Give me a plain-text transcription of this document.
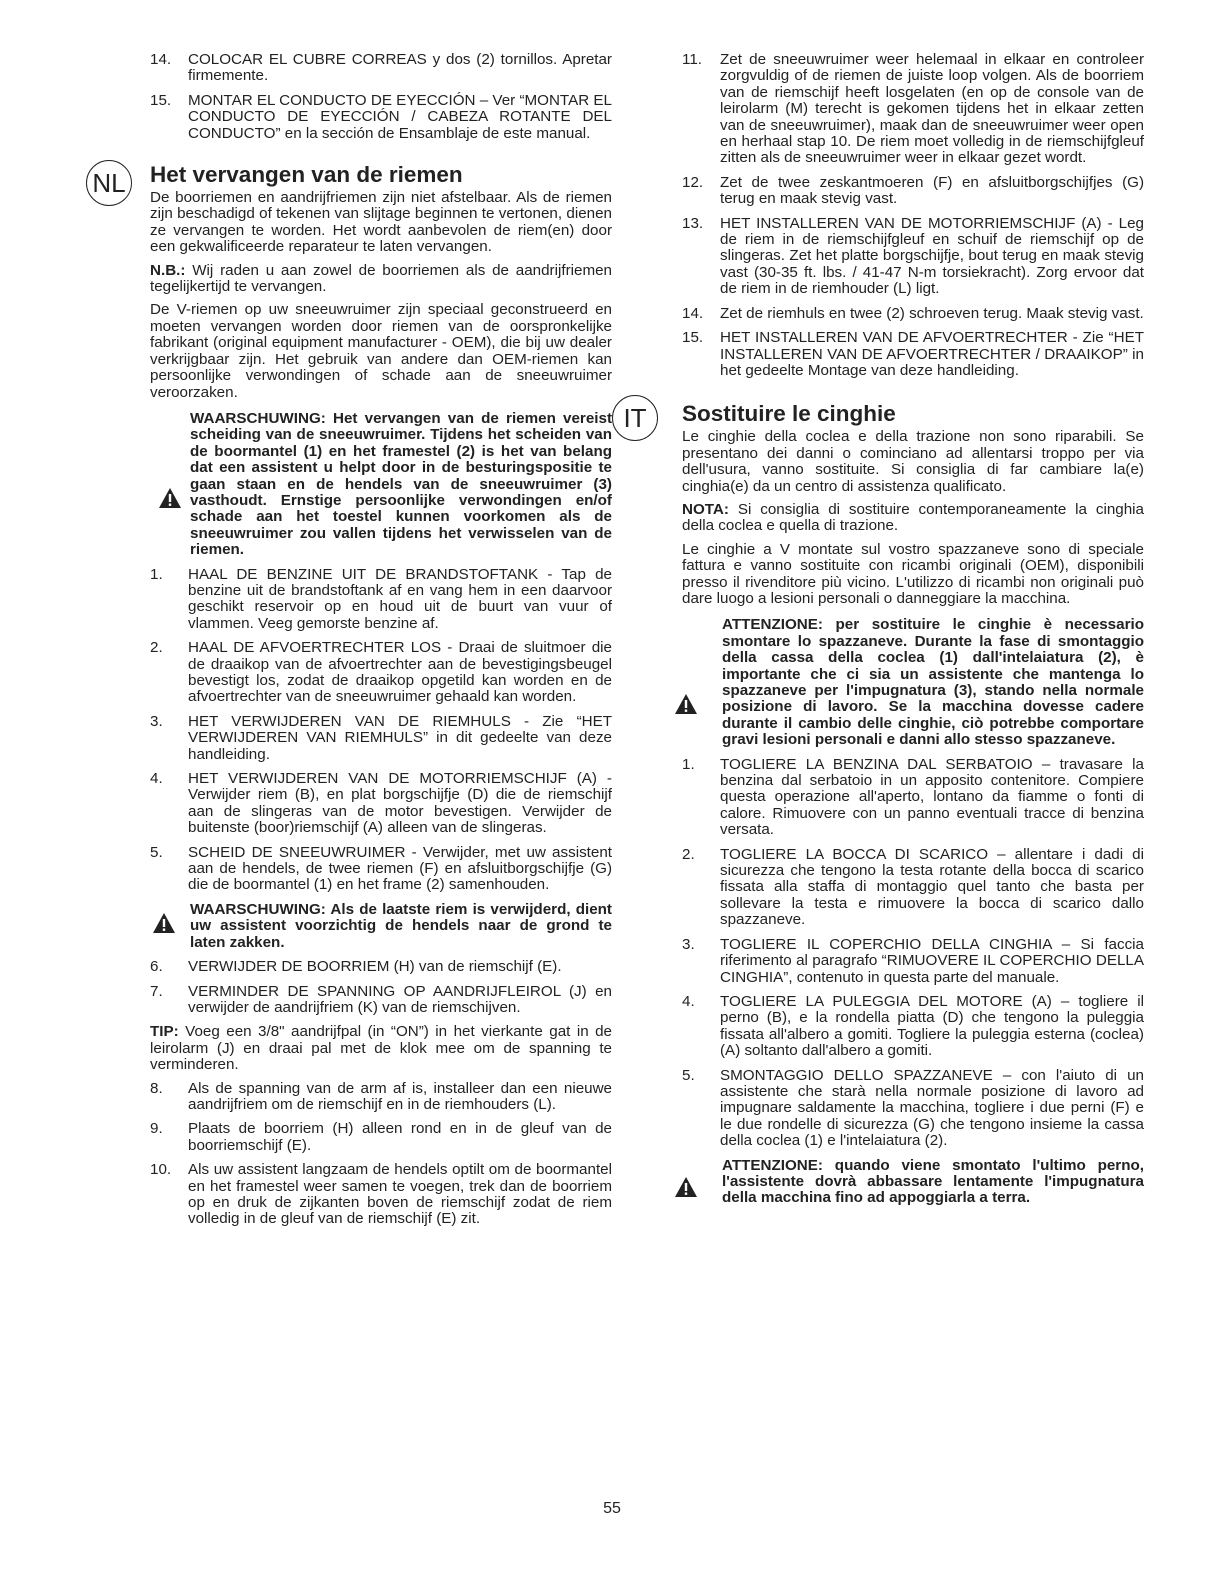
14.	COLOCAR EL CUBRE CORREAS y dos (2) tornillos. Apretar firmemente.
15.	MONTAR EL CONDUCTO DE EYECCIÓN – Ver “MONTAR EL CONDUCTO DE EYECCIÓN / CABEZA ROTANTE DEL CONDUCTO” en la sección de Ensamblaje de este manual.
NL Het vervangen van de riemen

De boorriemen en aandrijfriemen zijn niet afstelbaar. Als de riemen zijn beschadigd of tekenen van slijtage beginnen te vertonen, dienen ze vervangen te worden. Het wordt aanbevolen de riem(en) door een gekwalificeerde reparateur te laten vervangen.

N.B.: Wij raden u aan zowel de boorriemen als de aandrijfriemen tegelijkertijd te vervangen.

De V-riemen op uw sneeuwruimer zijn speciaal geconstrueerd en moeten vervangen worden door riemen van de oorspronkelijke fabrikant (original equipment manufacturer - OEM), die bij uw dealer verkrijgbaar zijn. Het gebruik van andere dan OEM-riemen kan persoonlijke verwondingen of schade aan de sneeuwruimer veroorzaken.

WAARSCHUWING: Het vervangen van de riemen vereist scheiding van de sneeuwruimer. Tijdens het scheiden van de boormantel (1) en het framestel (2) is het van belang dat een assistent u helpt door in de besturingspositie te gaan staan en de hendels van de sneeuwruimer (3) vasthoudt. Ernstige persoonlijke verwondingen en/of schade aan het toestel kunnen voorkomen als de sneeuwruimer zou vallen tijdens het verwisselen van de riemen.
1.	HAAL DE BENZINE UIT DE BRANDSTOFTANK - Tap de benzine uit de brandstoftank af en vang hem in een daarvoor geschikt reservoir op en houd uit de buurt van vuur of vlammen. Veeg gemorste benzine af.
2.	HAAL DE AFVOERTRECHTER LOS - Draai de sluitmoer die de draaikop van de afvoertrechter aan de bevestigingsbeugel bevestigt los, zodat de draaikop opgetild kan worden en de afvoertrechter van de sneeuwruimer gehaald kan worden.
3.	HET VERWIJDEREN VAN DE RIEMHULS - Zie “HET VERWIJDEREN VAN RIEMHULS” in dit gedeelte van deze handleiding.
4.	HET VERWIJDEREN VAN DE MOTORRIEMSCHIJF (A) - Verwijder riem (B), en plat borgschijfje (D) die de riemschijf aan de slingeras van de motor bevestigen. Verwijder de buitenste (boor)riemschijf (A) alleen van de slingeras.
5.	SCHEID DE SNEEUWRUIMER - Verwijder, met uw assistent aan de hendels, de twee riemen (F) en afsluitborgschijfje (G) die de boormantel (1) en het frame (2) samenhouden.
WAARSCHUWING: Als de laatste riem is verwijderd, dient uw assistent voorzichtig de hendels naar de grond te laten zakken.
6.	VERWIJDER DE BOORRIEM (H) van de riemschijf (E).
7.	VERMINDER DE SPANNING OP AANDRIJFLEIROL (J) en verwijder de aandrijfriem (K) van de riemschijven.

TIP: Voeg een 3/8" aandrijfpal (in “ON”) in het vierkante gat in de leirolarm (J) en draai pal met de klok mee om de spanning te verminderen.

8.	Als de spanning van de arm af is, installeer dan een nieuwe aandrijfriem om de riemschijf en in de riemhouders (L).
9.	Plaats de boorriem (H) alleen rond en in de gleuf van de boorriemschijf (E).
10.	Als uw assistent langzaam de hendels optilt om de boormantel en het framestel weer samen te voegen, trek dan de boorriem op en druk de zijkanten boven de riemschijf zodat de riem volledig in de gleuf van de riemschijf (E) zit.
11.	Zet de sneeuwruimer weer helemaal in elkaar en controleer zorgvuldig of de riemen de juiste loop volgen. Als de boorriem van de riemschijf heeft losgelaten (en op de console van de leirolarm (M) terecht is gekomen tijdens het in elkaar zetten van de sneeuwruimer), maak dan de sneeuwruimer weer open en herhaal stap 10. De riem moet volledig in de riemschijfgleuf zitten als de sneeuwruimer weer in elkaar gezet wordt.
12.	Zet de twee zeskantmoeren (F) en afsluitborgschijfjes (G) terug en maak stevig vast.
13.	HET INSTALLEREN VAN DE MOTORRIEMSCHIJF (A) - Leg de riem in de riemschijfgleuf en schuif de riemschijf op de slingeras. Zet het platte borgschijfje, bout terug en maak stevig vast (30-35 ft. lbs. / 41-47 N-m torsiekracht). Zorg ervoor dat de riem in de riemhouder (L) ligt.
14.	Zet de riemhuls en twee (2) schroeven terug. Maak stevig vast.
15.	HET INSTALLEREN VAN DE AFVOERTRECHTER - Zie “HET INSTALLEREN VAN DE AFVOERTRECHTER / DRAAIKOP” in het gedeelte Montage van deze handleiding.
IT	Sostituire le cinghie

Le cinghie della coclea e della trazione non sono riparabili. Se presentano dei danni o cominciano ad allentarsi troppo per via dell'usura, vanno sostituite. Si consiglia di far cambiare la(e) cinghia(e) da un centro di assistenza qualificato.

NOTA: Si consiglia di sostituire contemporaneamente la cinghia della coclea e quella di trazione.

Le cinghie a V montate sul vostro spazzaneve sono di speciale fattura e vanno sostituite con ricambi originali (OEM), disponibili presso il rivenditore più vicino. L'utilizzo di ricambi non originali può dare luogo a lesioni personali o danneggiare la macchina.

ATTENZIONE: per sostituire le cinghie è necessario smontare lo spazzaneve. Durante la fase di smontaggio della cassa della coclea (1) dall'intelaiatura (2), è importante che ci sia un assistente che mantenga lo spazzaneve per l'impugnatura (3), stando nella normale posizione di lavoro. Se la macchina dovesse cadere durante il cambio delle cinghie, ciò potrebbe comportare gravi lesioni personali e danni allo stesso spazzaneve.
1.	TOGLIERE LA BENZINA DAL SERBATOIO – travasare la benzina dal serbatoio in un apposito contenitore. Compiere questa operazione all'aperto, lontano da fiamme o fonti di calore. Rimuovere con un panno eventuali tracce di benzina versata.
2.	TOGLIERE LA BOCCA DI SCARICO – allentare i dadi di sicurezza che tengono la testa rotante della bocca di scarico fissata alla staffa di montaggio quel tanto che basta per sollevare la testa e rimuovere la bocca di scarico dallo spazzaneve.
3.	TOGLIERE IL COPERCHIO DELLA CINGHIA – Si faccia riferimento al paragrafo “RIMUOVERE IL COPERCHIO DELLA CINGHIA”, contenuto in questa parte del manuale.
4.	TOGLIERE LA PULEGGIA DEL MOTORE (A) – togliere il perno (B), e la rondella piatta (D) che tengono la puleggia fissata all'albero a gomiti. Togliere la puleggia esterna (coclea) (A) soltanto dall'albero a gomiti.
5.	SMONTAGGIO DELLO SPAZZANEVE – con l'aiuto di un assistente che starà nella normale posizione di lavoro ad impugnare saldamente la macchina, togliere i due perni (F) e le due rondelle di sicurezza (G) che tengono insieme la cassa della coclea (1) e l'intelaiatura (2).
ATTENZIONE: quando viene smontato l'ultimo perno, l'assistente dovrà abbassare lentamente l'impugnatura della macchina fino ad appoggiarla a terra.
55
